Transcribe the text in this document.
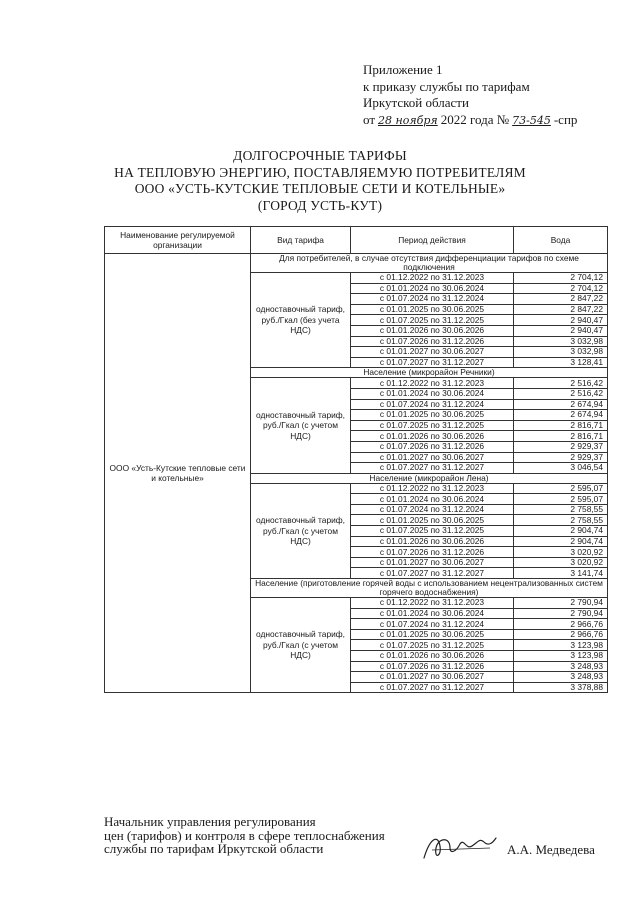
Приложение 1
к приказу службы по тарифам
Иркутской области
от 28 ноября 2022 года № 73-545 -спр
ДОЛГОСРОЧНЫЕ ТАРИФЫ
НА ТЕПЛОВУЮ ЭНЕРГИЮ, ПОСТАВЛЯЕМУЮ ПОТРЕБИТЕЛЯМ
ООО «УСТЬ-КУТСКИЕ ТЕПЛОВЫЕ СЕТИ И КОТЕЛЬНЫЕ»
(ГОРОД УСТЬ-КУТ)
Наименование регулируемой организации	Вид тарифа	Период действия	Вода
ООО «Усть-Кутские тепловые сети и котельные»	Для потребителей, в случае отсутствия дифференциации тарифов по схеме подключения		
	одноставочный тариф, руб./Гкал (без учета НДС)	с 01.12.2022 по 31.12.2023	2 704,12
		с 01.01.2024 по 30.06.2024	2 704,12
		с 01.07.2024 по 31.12.2024	2 847,22
		с 01.01.2025 по 30.06.2025	2 847,22
		с 01.07.2025 по 31.12.2025	2 940,47
		с 01.01.2026 по 30.06.2026	2 940,47
		с 01.07.2026 по 31.12.2026	3 032,98
		с 01.01.2027 по 30.06.2027	3 032,98
		с 01.07.2027 по 31.12.2027	3 128,41
	Население (микрорайон Речники)		
	одноставочный тариф, руб./Гкал (с учетом НДС)	с 01.12.2022 по 31.12.2023	2 516,42
		с 01.01.2024 по 30.06.2024	2 516,42
		с 01.07.2024 по 31.12.2024	2 674,94
		с 01.01.2025 по 30.06.2025	2 674,94
		с 01.07.2025 по 31.12.2025	2 816,71
		с 01.01.2026 по 30.06.2026	2 816,71
		с 01.07.2026 по 31.12.2026	2 929,37
		с 01.01.2027 по 30.06.2027	2 929,37
		с 01.07.2027 по 31.12.2027	3 046,54
	Население (микрорайон Лена)		
	одноставочный тариф, руб./Гкал (с учетом НДС)	с 01.12.2022 по 31.12.2023	2 595,07
		с 01.01.2024 по 30.06.2024	2 595,07
		с 01.07.2024 по 31.12.2024	2 758,55
		с 01.01.2025 по 30.06.2025	2 758,55
		с 01.07.2025 по 31.12.2025	2 904,74
		с 01.01.2026 по 30.06.2026	2 904,74
		с 01.07.2026 по 31.12.2026	3 020,92
		с 01.01.2027 по 30.06.2027	3 020,92
		с 01.07.2027 по 31.12.2027	3 141,74
	Население (приготовление горячей воды с использованием нецентрализованных систем горячего водоснабжения)		
	одноставочный тариф, руб./Гкал (с учетом НДС)	с 01.12.2022 по 31.12.2023	2 790,94
		с 01.01.2024 по 30.06.2024	2 790,94
		с 01.07.2024 по 31.12.2024	2 966,76
		с 01.01.2025 по 30.06.2025	2 966,76
		с 01.07.2025 по 31.12.2025	3 123,98
		с 01.01.2026 по 30.06.2026	3 123,98
		с 01.07.2026 по 31.12.2026	3 248,93
		с 01.01.2027 по 30.06.2027	3 248,93
		с 01.07.2027 по 31.12.2027	3 378,88
Начальник управления регулирования
цен (тарифов) и контроля в сфере теплоснабжения
службы по тарифам Иркутской области	А.А. Медведева
